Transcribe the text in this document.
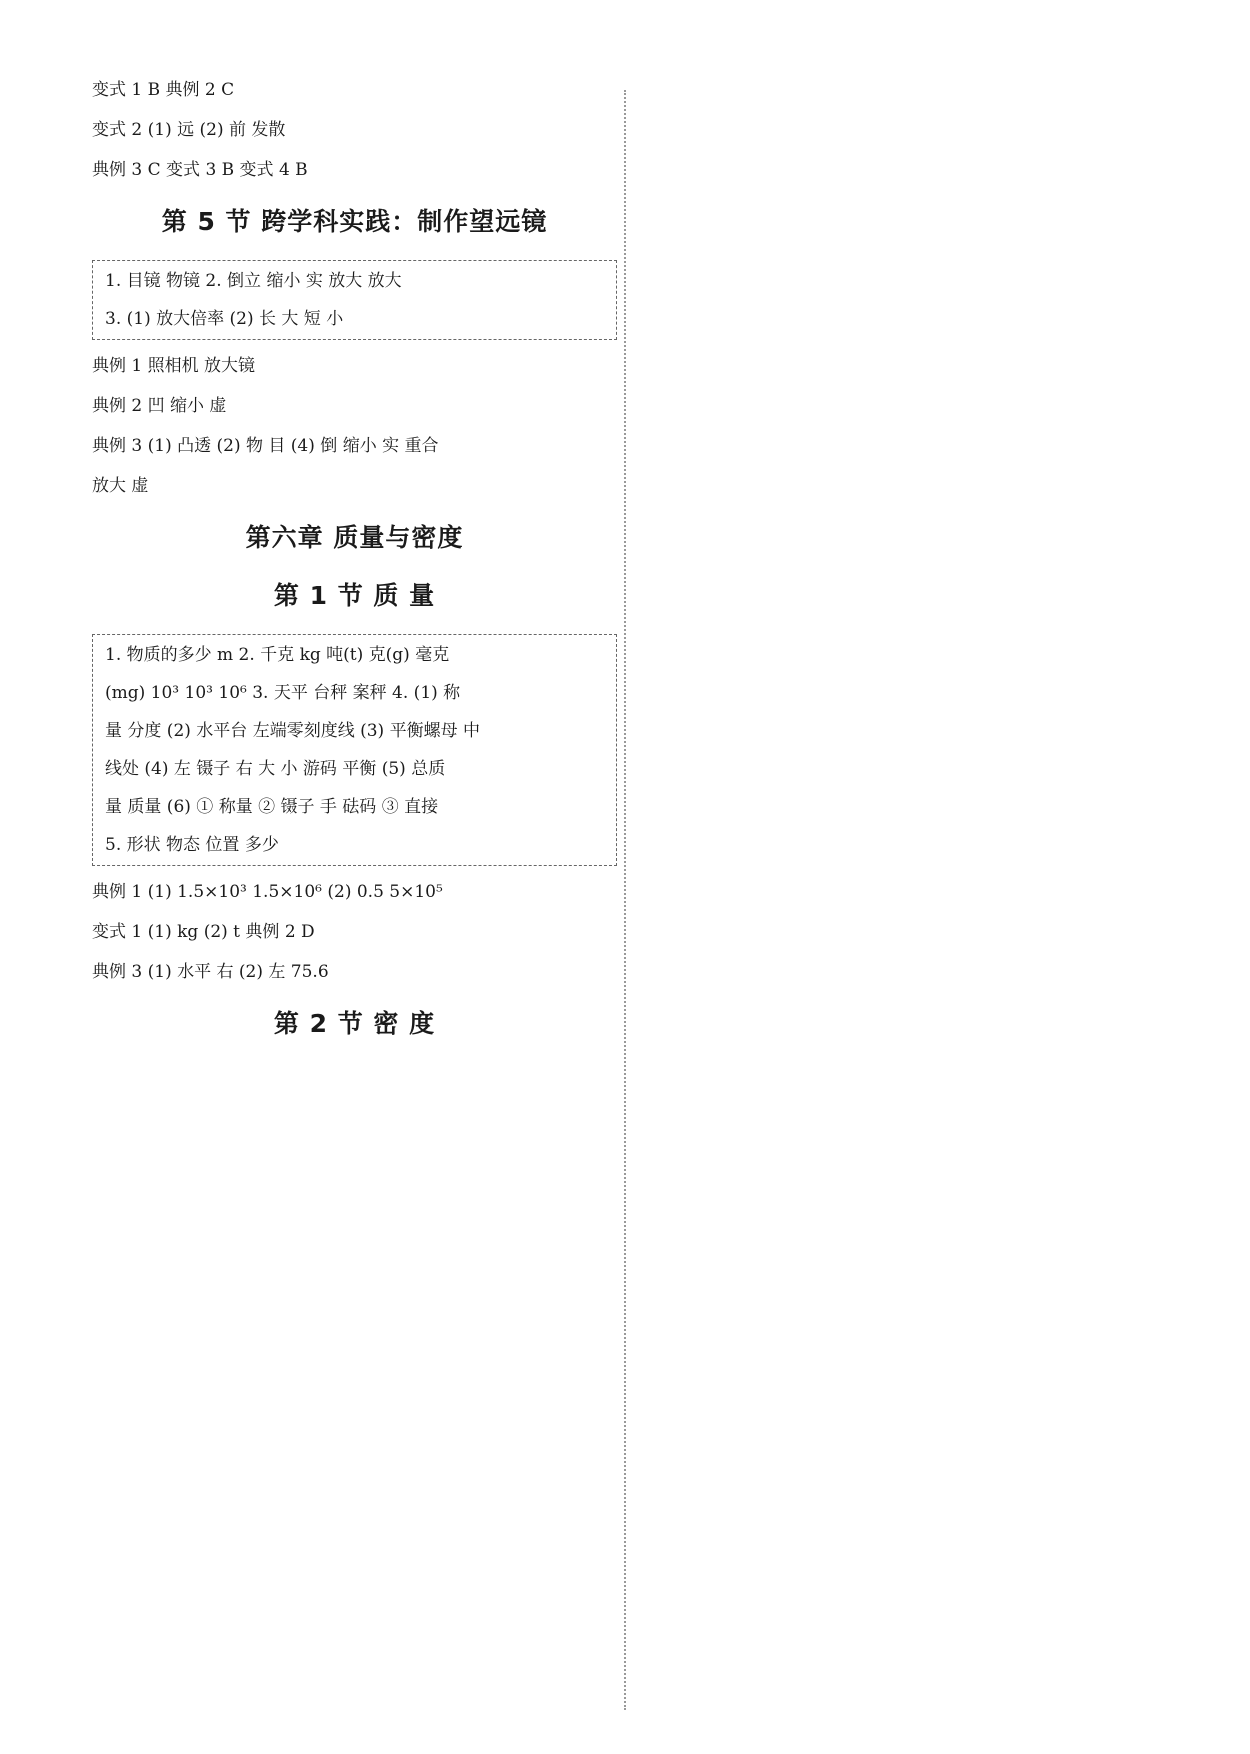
变式 1 B 典例 2 C
变式 2 (1) 远 (2) 前 发散
典例 3 C 变式 3 B 变式 4 B
第 5 节 跨学科实践：制作望远镜
1. 目镜 物镜 2. 倒立 缩小 实 放大 放大
3. (1) 放大倍率 (2) 长 大 短 小
典例 1 照相机 放大镜
典例 2 凹 缩小 虚
典例 3 (1) 凸透 (2) 物 目 (4) 倒 缩小 实 重合
放大 虚
第六章 质量与密度
第 1 节 质 量
1. 物质的多少 m 2. 千克 kg 吨(t) 克(g) 毫克
(mg) 10³ 10³ 10⁶ 3. 天平 台秤 案秤 4. (1) 称
量 分度 (2) 水平台 左端零刻度线 (3) 平衡螺母 中
线处 (4) 左 镊子 右 大 小 游码 平衡 (5) 总质
量 质量 (6) ① 称量 ② 镊子 手 砝码 ③ 直接
5. 形状 物态 位置 多少
典例 1 (1) 1.5×10³ 1.5×10⁶ (2) 0.5 5×10⁵
变式 1 (1) kg (2) t 典例 2 D
典例 3 (1) 水平 右 (2) 左 75.6
第 2 节 密 度
